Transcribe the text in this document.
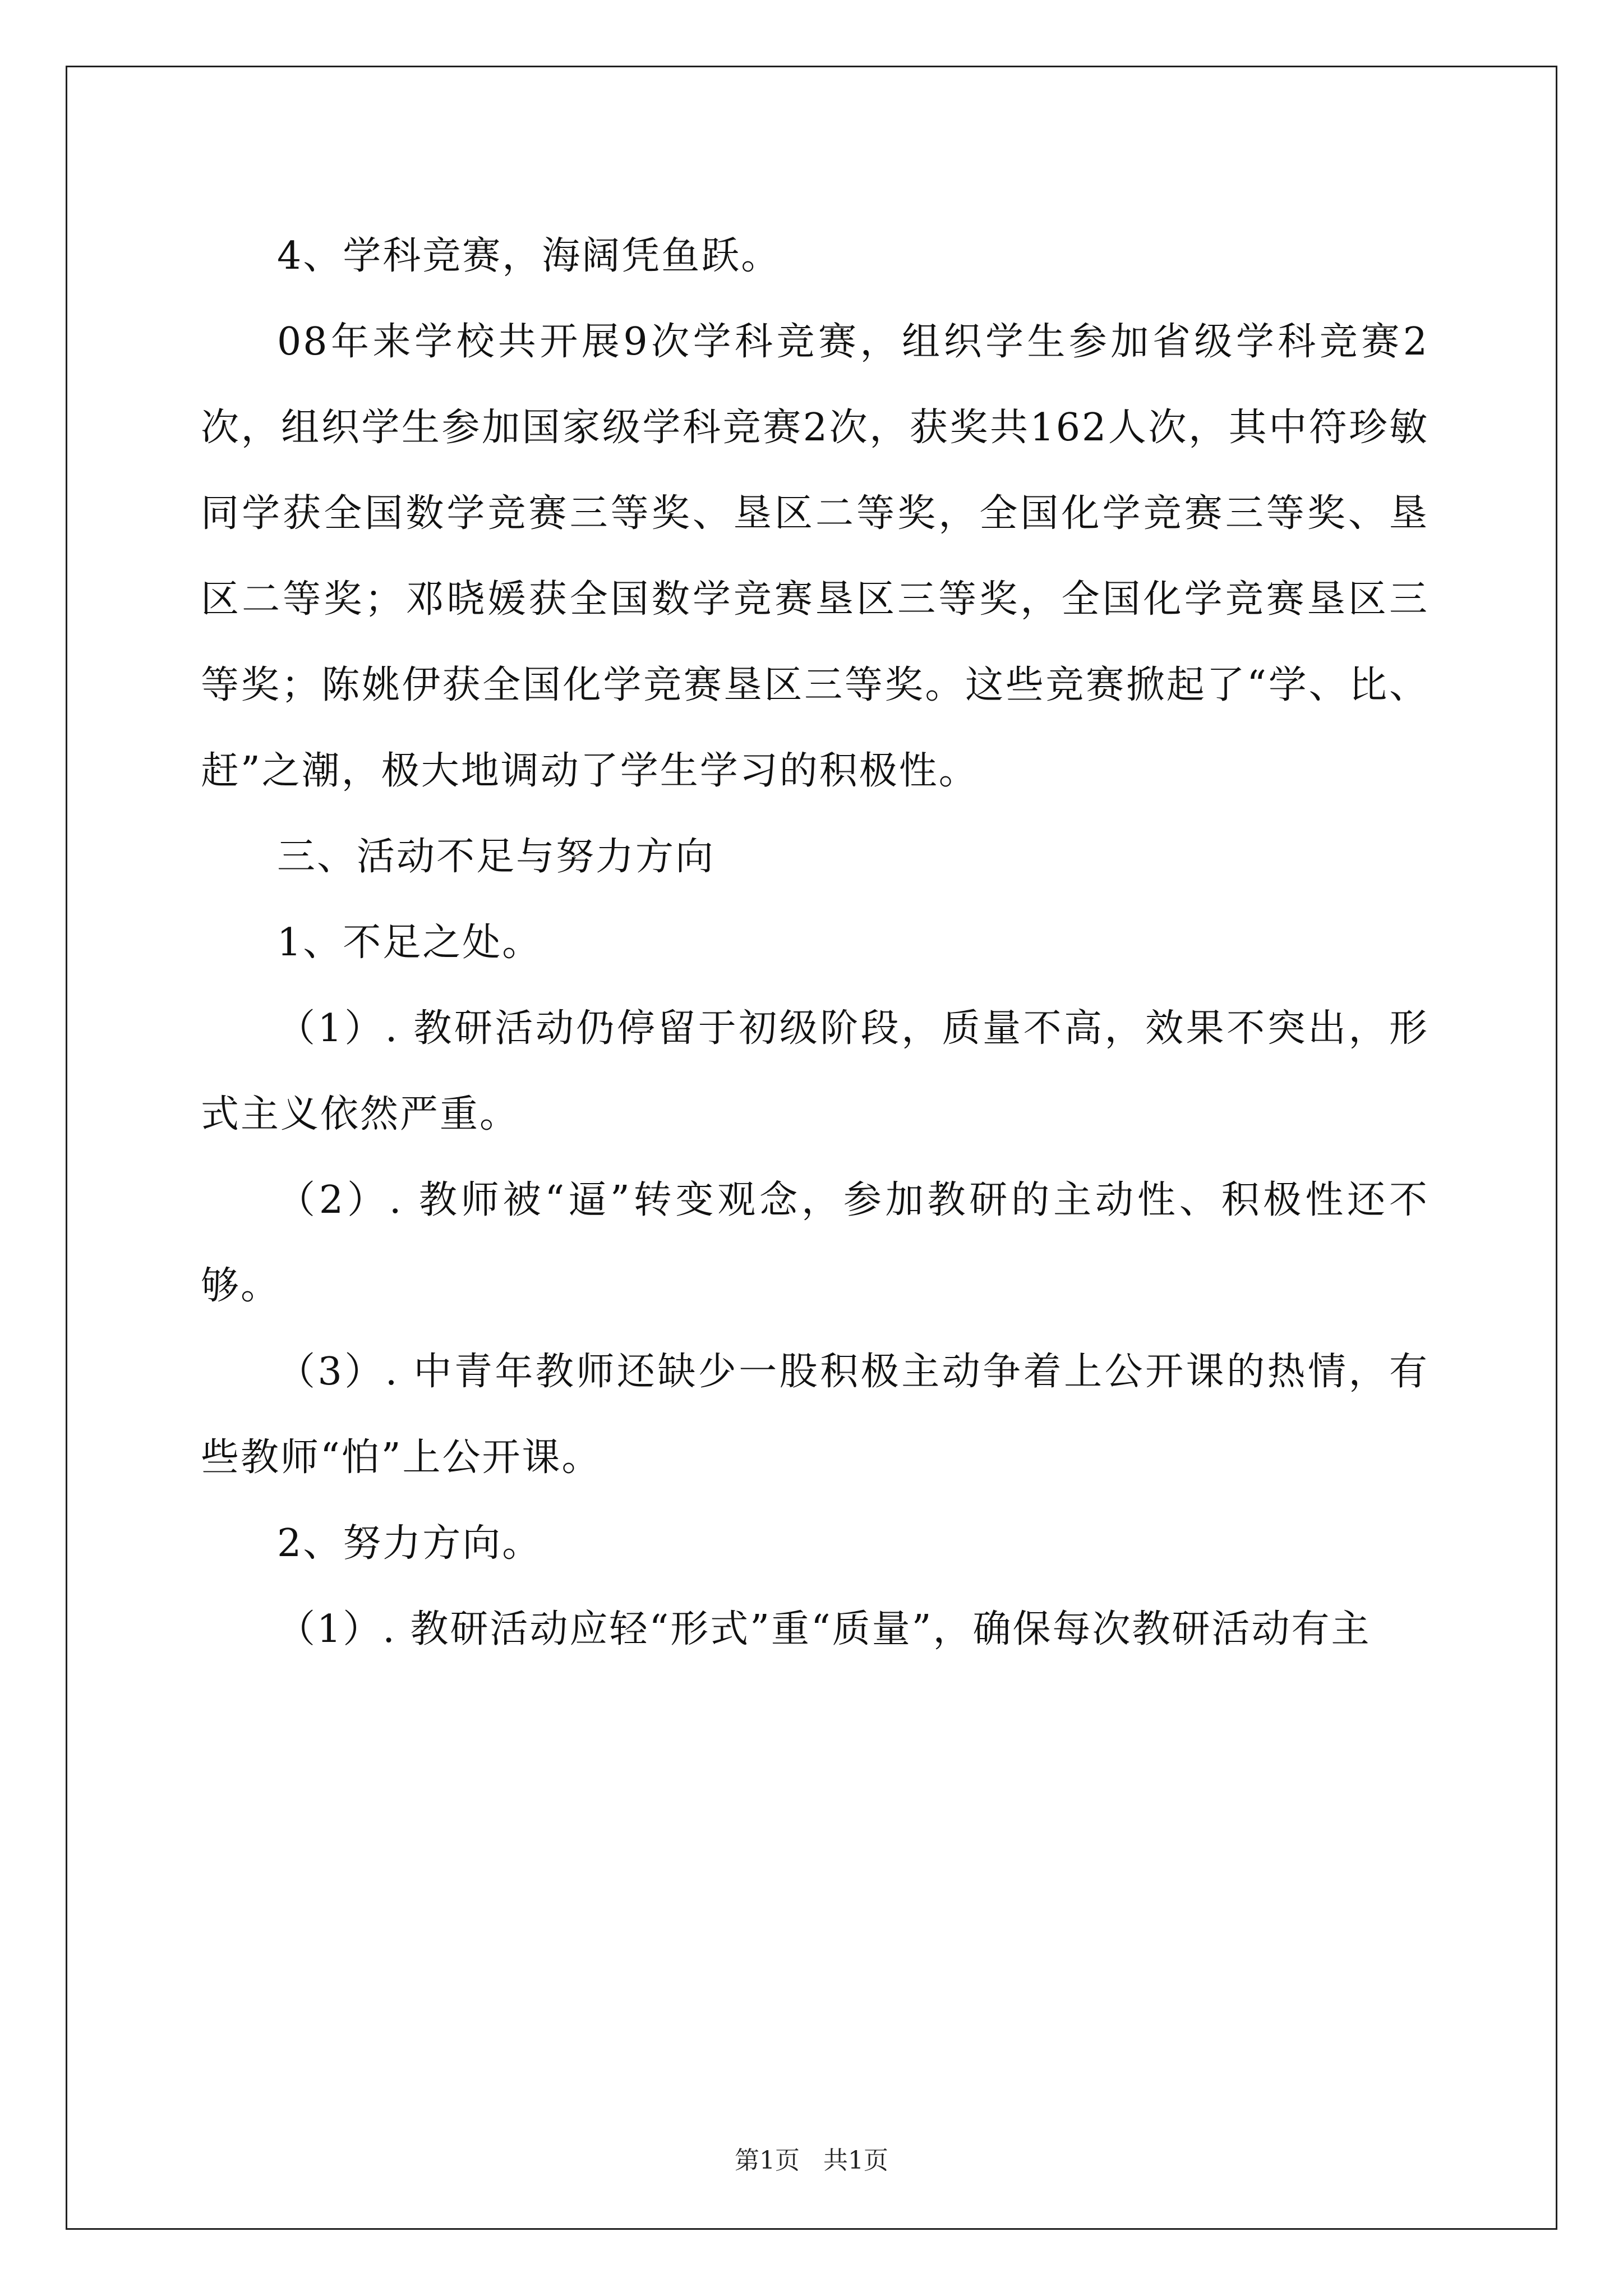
4、学科竞赛，海阔凭鱼跃。

08年来学校共开展9次学科竞赛，组织学生参加省级学科竞赛2次，组织学生参加国家级学科竞赛2次，获奖共162人次，其中符珍敏同学获全国数学竞赛三等奖、垦区二等奖，全国化学竞赛三等奖、垦区二等奖；邓晓媛获全国数学竞赛垦区三等奖，全国化学竞赛垦区三等奖；陈姚伊获全国化学竞赛垦区三等奖。这些竞赛掀起了“学、比、赶”之潮，极大地调动了学生学习的积极性。

三、活动不足与努力方向

1、不足之处。

（1）. 教研活动仍停留于初级阶段，质量不高，效果不突出，形式主义依然严重。

（2）. 教师被“逼”转变观念，参加教研的主动性、积极性还不够。

（3）. 中青年教师还缺少一股积极主动争着上公开课的热情，有些教师“怕”上公开课。

2、努力方向。

（1）. 教研活动应轻“形式”重“质量”，确保每次教研活动有主

第1页 共1页
